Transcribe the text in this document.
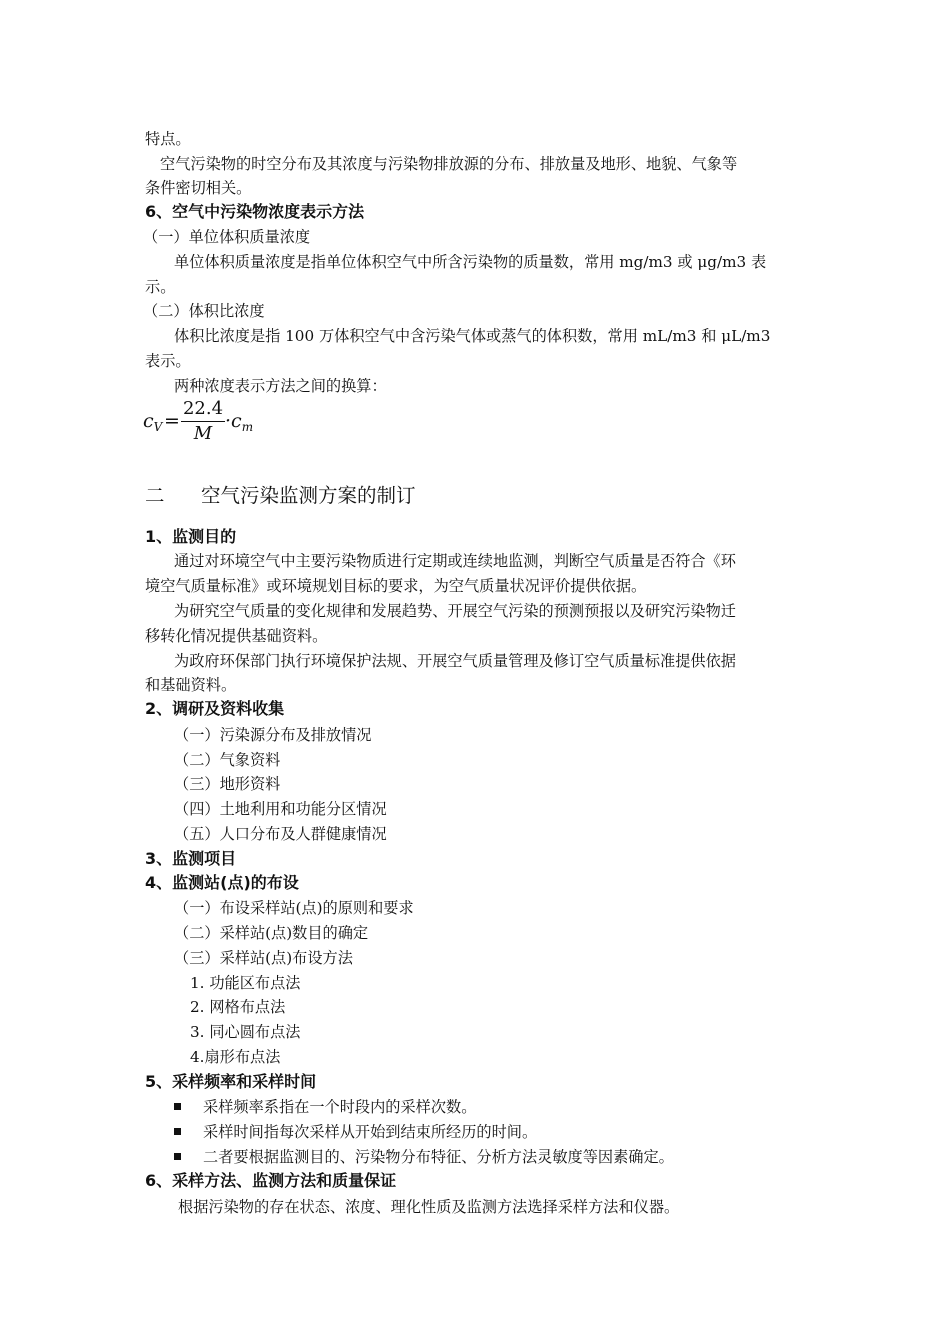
特点。
空气污染物的时空分布及其浓度与污染物排放源的分布、排放量及地形、地貌、气象等
条件密切相关。
6、空气中污染物浓度表示方法
（一）单位体积质量浓度
单位体积质量浓度是指单位体积空气中所含污染物的质量数，常用 mg/m3 或 μg/m3 表
示。
（二）体积比浓度
体积比浓度是指 100 万体积空气中含污染气体或蒸气的体积数，常用 mL/m3 和 μL/m3
表示。
两种浓度表示方法之间的换算：
$c_V$ =
22.4
M
$\cdot c_m$
二 空气污染监测方案的制订
1、监测目的
通过对环境空气中主要污染物质进行定期或连续地监测，判断空气质量是否符合《环
境空气质量标准》或环境规划目标的要求，为空气质量状况评价提供依据。
为研究空气质量的变化规律和发展趋势、开展空气污染的预测预报以及研究污染物迁
移转化情况提供基础资料。
为政府环保部门执行环境保护法规、开展空气质量管理及修订空气质量标准提供依据
和基础资料。
2、调研及资料收集
（一）污染源分布及排放情况
（二）气象资料
（三）地形资料
（四）土地利用和功能分区情况
（五）人口分布及人群健康情况
3、监测项目
4、监测站(点)的布设
（一）布设采样站(点)的原则和要求
（二）采样站(点)数目的确定
（三）采样站(点)布设方法
1. 功能区布点法
2. 网格布点法
3. 同心圆布点法
4.扇形布点法
5、采样频率和采样时间
采样频率系指在一个时段内的采样次数。
采样时间指每次采样从开始到结束所经历的时间。
二者要根据监测目的、污染物分布特征、分析方法灵敏度等因素确定。
6、采样方法、监测方法和质量保证
根据污染物的存在状态、浓度、理化性质及监测方法选择采样方法和仪器。
